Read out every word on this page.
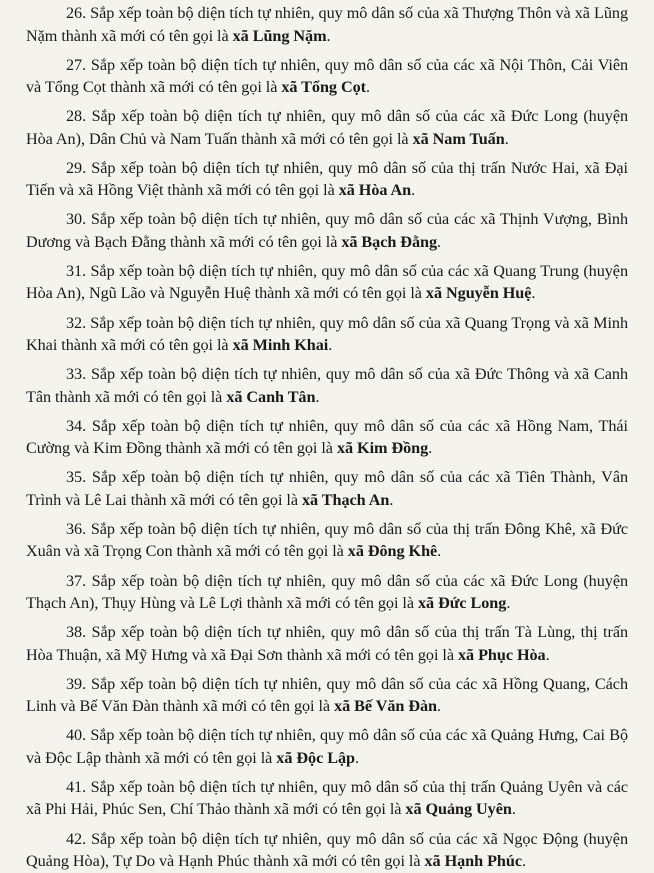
26. Sắp xếp toàn bộ diện tích tự nhiên, quy mô dân số của xã Thượng Thôn và xã Lũng Nặm thành xã mới có tên gọi là xã Lũng Nặm.

27. Sắp xếp toàn bộ diện tích tự nhiên, quy mô dân số của các xã Nội Thôn, Cải Viên và Tổng Cọt thành xã mới có tên gọi là xã Tổng Cọt.

28. Sắp xếp toàn bộ diện tích tự nhiên, quy mô dân số của các xã Đức Long (huyện Hòa An), Dân Chủ và Nam Tuấn thành xã mới có tên gọi là xã Nam Tuấn.

29. Sắp xếp toàn bộ diện tích tự nhiên, quy mô dân số của thị trấn Nước Hai, xã Đại Tiến và xã Hồng Việt thành xã mới có tên gọi là xã Hòa An.

30. Sắp xếp toàn bộ diện tích tự nhiên, quy mô dân số của các xã Thịnh Vượng, Bình Dương và Bạch Đằng thành xã mới có tên gọi là xã Bạch Đằng.

31. Sắp xếp toàn bộ diện tích tự nhiên, quy mô dân số của các xã Quang Trung (huyện Hòa An), Ngũ Lão và Nguyễn Huệ thành xã mới có tên gọi là xã Nguyễn Huệ.

32. Sắp xếp toàn bộ diện tích tự nhiên, quy mô dân số của xã Quang Trọng và xã Minh Khai thành xã mới có tên gọi là xã Minh Khai.

33. Sắp xếp toàn bộ diện tích tự nhiên, quy mô dân số của xã Đức Thông và xã Canh Tân thành xã mới có tên gọi là xã Canh Tân.

34. Sắp xếp toàn bộ diện tích tự nhiên, quy mô dân số của các xã Hồng Nam, Thái Cường và Kim Đồng thành xã mới có tên gọi là xã Kim Đồng.

35. Sắp xếp toàn bộ diện tích tự nhiên, quy mô dân số của các xã Tiên Thành, Vân Trình và Lê Lai thành xã mới có tên gọi là xã Thạch An.

36. Sắp xếp toàn bộ diện tích tự nhiên, quy mô dân số của thị trấn Đông Khê, xã Đức Xuân và xã Trọng Con thành xã mới có tên gọi là xã Đông Khê.

37. Sắp xếp toàn bộ diện tích tự nhiên, quy mô dân số của các xã Đức Long (huyện Thạch An), Thụy Hùng và Lê Lợi thành xã mới có tên gọi là xã Đức Long.

38. Sắp xếp toàn bộ diện tích tự nhiên, quy mô dân số của thị trấn Tà Lùng, thị trấn Hòa Thuận, xã Mỹ Hưng và xã Đại Sơn thành xã mới có tên gọi là xã Phục Hòa.

39. Sắp xếp toàn bộ diện tích tự nhiên, quy mô dân số của các xã Hồng Quang, Cách Linh và Bế Văn Đàn thành xã mới có tên gọi là xã Bế Văn Đàn.

40. Sắp xếp toàn bộ diện tích tự nhiên, quy mô dân số của các xã Quảng Hưng, Cai Bộ và Độc Lập thành xã mới có tên gọi là xã Độc Lập.

41. Sắp xếp toàn bộ diện tích tự nhiên, quy mô dân số của thị trấn Quảng Uyên và các xã Phi Hải, Phúc Sen, Chí Thảo thành xã mới có tên gọi là xã Quảng Uyên.

42. Sắp xếp toàn bộ diện tích tự nhiên, quy mô dân số của các xã Ngọc Động (huyện Quảng Hòa), Tự Do và Hạnh Phúc thành xã mới có tên gọi là xã Hạnh Phúc.
